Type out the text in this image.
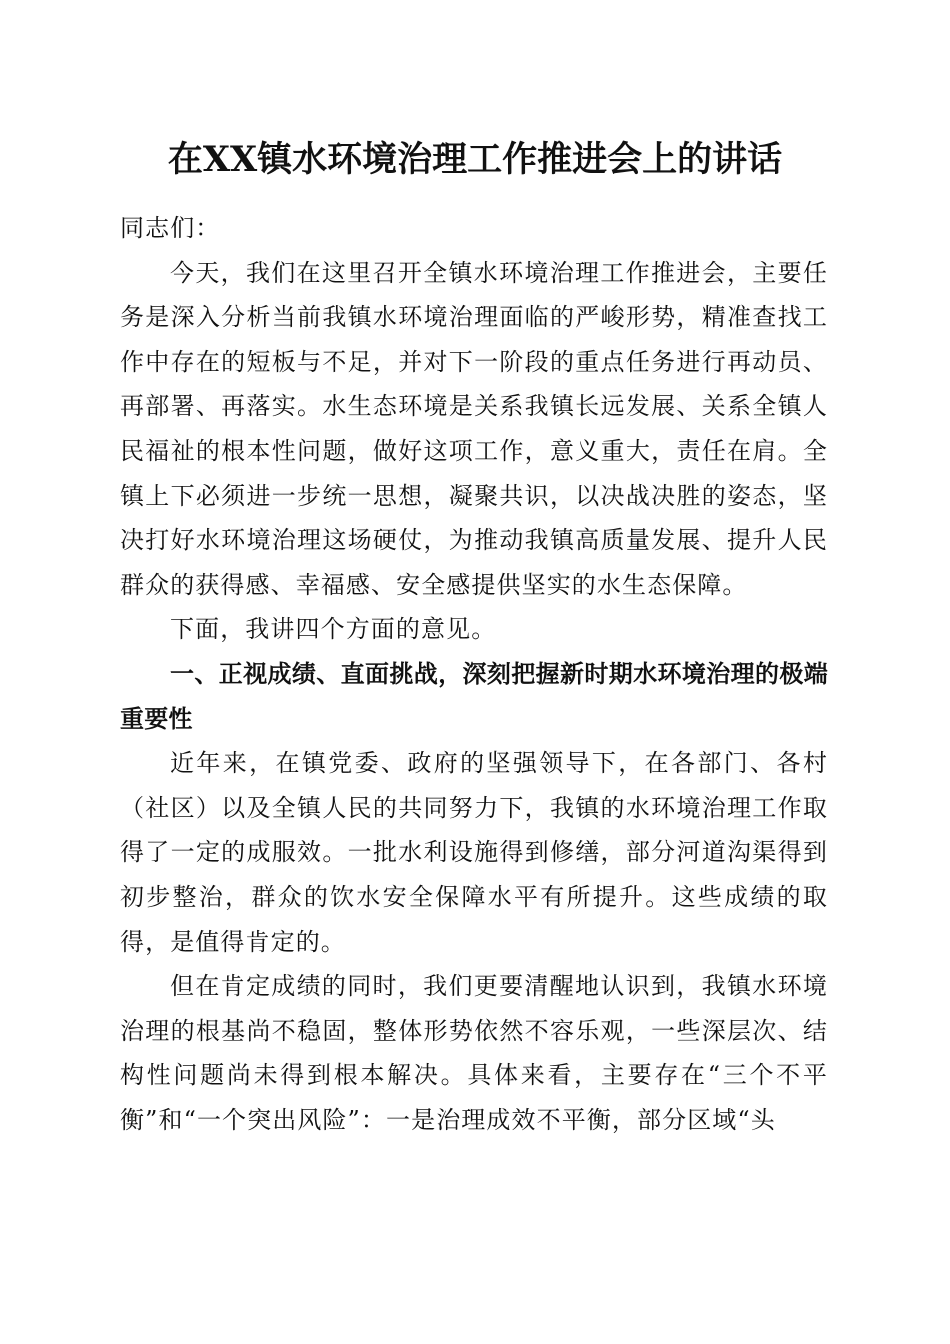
在XX镇水环境治理工作推进会上的讲话

同志们：

今天，我们在这里召开全镇水环境治理工作推进会，主要任务是深入分析当前我镇水环境治理面临的严峻形势，精准查找工作中存在的短板与不足，并对下一阶段的重点任务进行再动员、再部署、再落实。水生态环境是关系我镇长远发展、关系全镇人民福祉的根本性问题，做好这项工作，意义重大，责任在肩。全镇上下必须进一步统一思想，凝聚共识，以决战决胜的姿态，坚决打好水环境治理这场硬仗，为推动我镇高质量发展、提升人民群众的获得感、幸福感、安全感提供坚实的水生态保障。

下面，我讲四个方面的意见。

一、正视成绩、直面挑战，深刻把握新时期水环境治理的极端重要性

近年来，在镇党委、政府的坚强领导下，在各部门、各村（社区）以及全镇人民的共同努力下，我镇的水环境治理工作取得了一定的成服效。一批水利设施得到修缮，部分河道沟渠得到初步整治，群众的饮水安全保障水平有所提升。这些成绩的取得，是值得肯定的。

但在肯定成绩的同时，我们更要清醒地认识到，我镇水环境治理的根基尚不稳固，整体形势依然不容乐观，一些深层次、结构性问题尚未得到根本解决。具体来看，主要存在“三个不平衡”和“一个突出风险”：一是治理成效不平衡，部分区域“头
